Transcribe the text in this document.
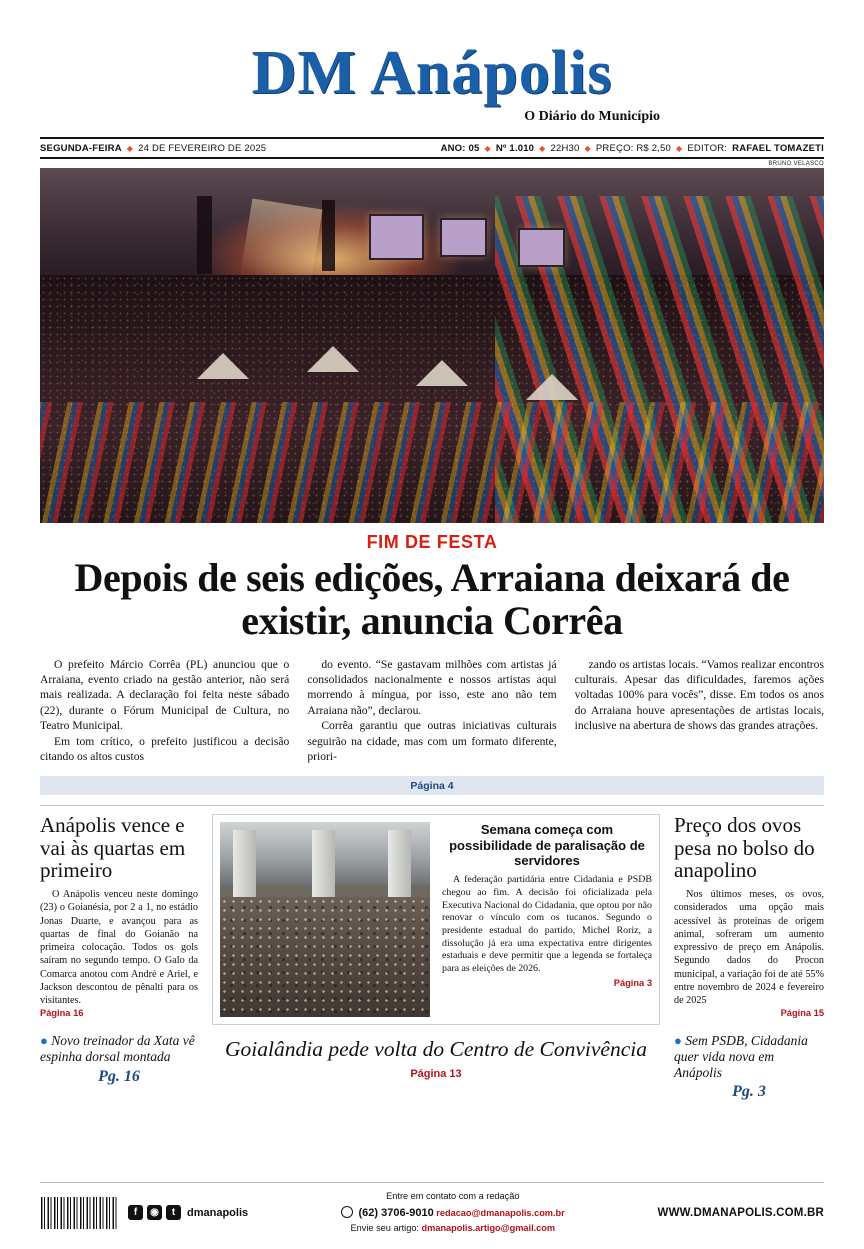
DM Anápolis
O Diário do Município
SEGUNDA-FEIRA ◆ 24 DE FEVEREIRO DE 2025	ANO: 05 ◆ Nº 1.010 ◆ 22H30 ◆ PREÇO: R$ 2,50 ◆ EDITOR: RAFAEL TOMAZETI
BRUNO VELASCO
FIM DE FESTA
Depois de seis edições, Arraiana deixará de existir, anuncia Corrêa

O prefeito Márcio Corrêa (PL) anunciou que o Arraiana, evento criado na gestão anterior, não será mais realizada. A declaração foi feita neste sábado (22), durante o Fórum Municipal de Cultura, no Teatro Municipal.

Em tom crítico, o prefeito justificou a decisão citando os altos custos

do evento. “Se gastavam milhões com artistas já consolidados nacionalmente e nossos artistas aqui morrendo à míngua, por isso, este ano não tem Arraiana não”, declarou.

Corrêa garantiu que outras iniciativas culturais seguirão na cidade, mas com um formato diferente, priori-

zando os artistas locais. “Vamos realizar encontros culturais. Apesar das dificuldades, faremos ações voltadas 100% para vocês”, disse. Em todos os anos do Arraiana houve apresentações de artistas locais, inclusive na abertura de shows das grandes atrações.

Página 4
Anápolis vence e vai às quartas em primeiro

O Anápolis venceu neste domingo (23) o Goianésia, por 2 a 1, no estádio Jonas Duarte, e avançou para as quartas de final do Goianão na primeira colocação. Todos os gols saíram no segundo tempo. O Galo da Comarca anotou com André e Ariel, e Jackson descontou de pênalti para os visitantes.

Página 16
● Novo treinador da Xata vê espinha dorsal montada
Pg. 16
Semana começa com possibilidade de paralisação de servidores

A federação partidária entre Cidadania e PSDB chegou ao fim. A decisão foi oficializada pela Executiva Nacional do Cidadania, que optou por não renovar o vínculo com os tucanos. Segundo o presidente estadual do partido, Michel Roriz, a dissolução já era uma expectativa entre dirigentes estaduais e deve permitir que a legenda se fortaleça para as eleições de 2026.

Página 3
Goialândia pede volta do Centro de Convivência
Página 13
Preço dos ovos pesa no bolso do anapolino

Nos últimos meses, os ovos, considerados uma opção mais acessível às proteínas de origem animal, sofreram um aumento expressivo de preço em Anápolis. Segundo dados do Procon municipal, a variação foi de até 55% entre novembro de 2024 e fevereiro de 2025

Página 15
● Sem PSDB, Cidadania quer vida nova em Anápolis
Pg. 3
f	◉	t	dmanapolis
Entre em contato com a redação
(62) 3706-9010 redacao@dmanapolis.com.br
Envie seu artigo: dmanapolis.artigo@gmail.com
WWW.DMANAPOLIS.COM.BR
